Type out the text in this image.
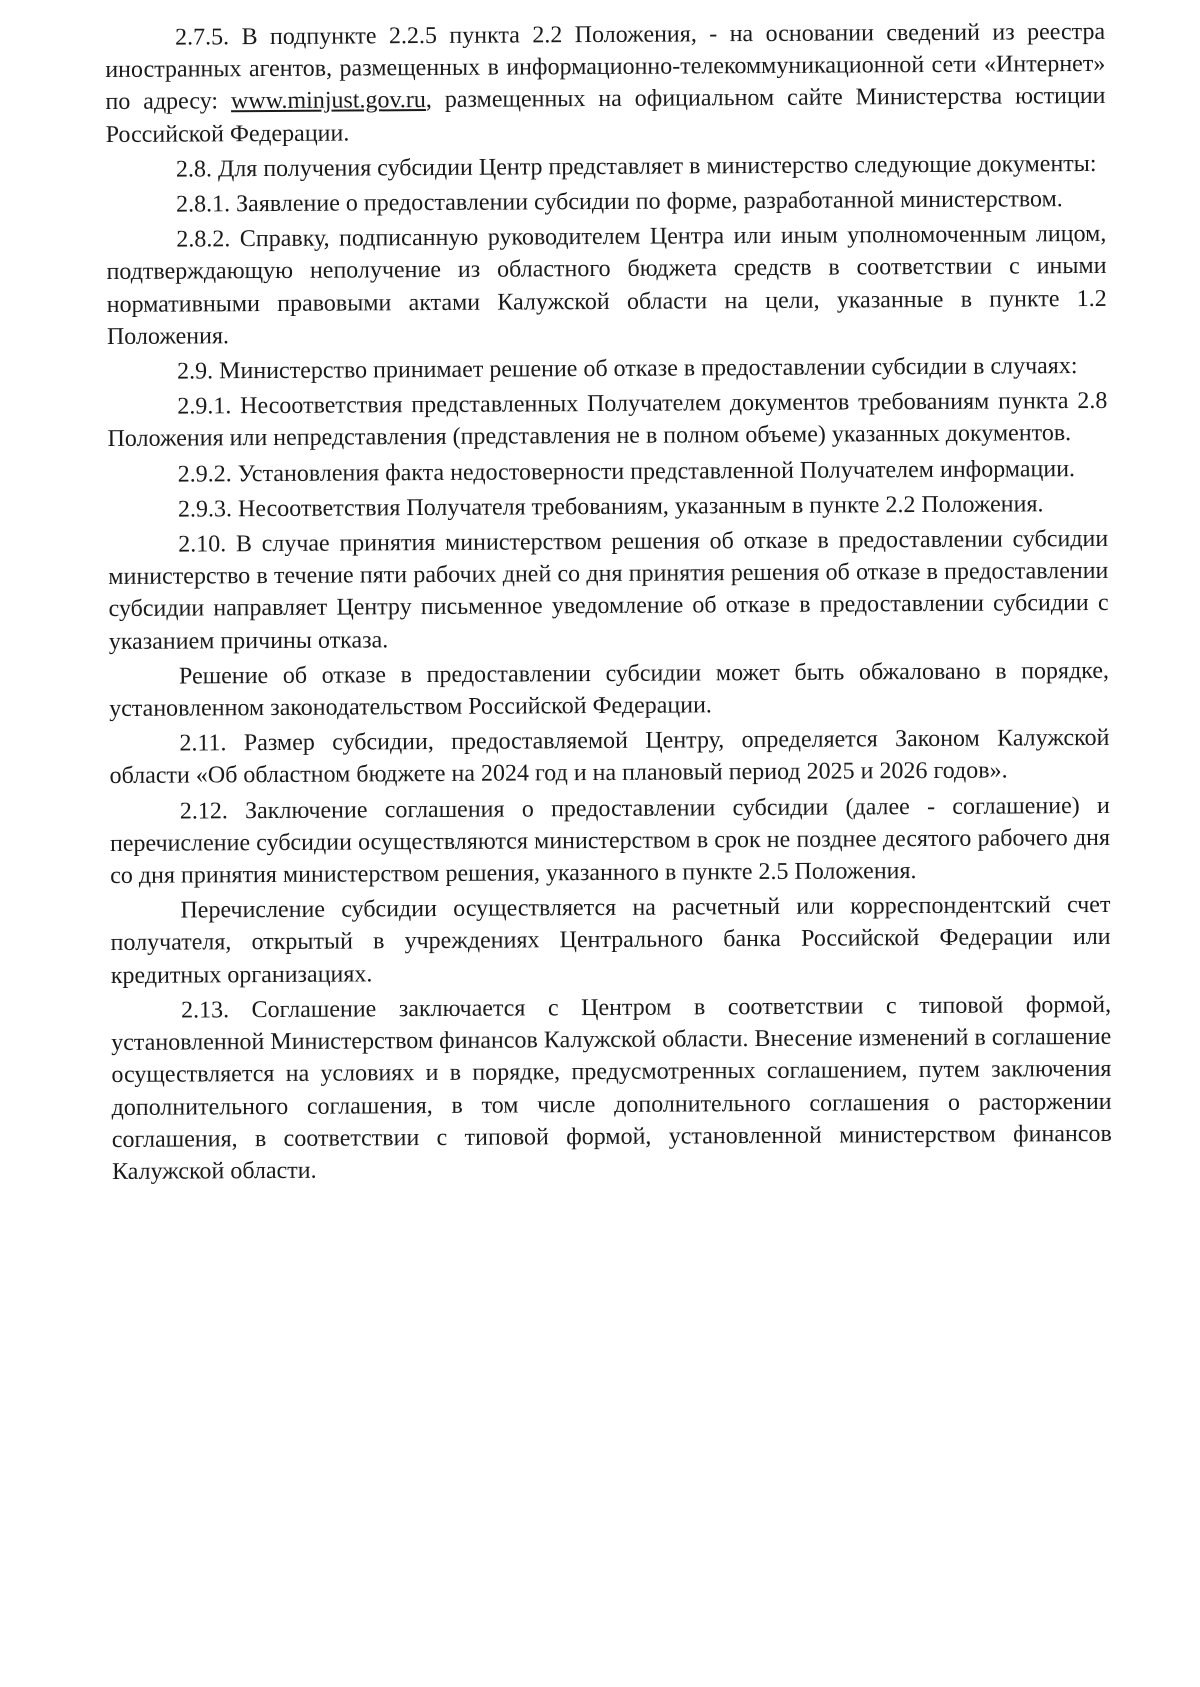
2.7.5. В подпункте 2.2.5 пункта 2.2 Положения, - на основании сведений из реестра иностранных агентов, размещенных в информационно-телекоммуникационной сети «Интернет» по адресу: www.minjust.gov.ru, размещенных на официальном сайте Министерства юстиции Российской Федерации.

2.8. Для получения субсидии Центр представляет в министерство следующие документы:

2.8.1. Заявление о предоставлении субсидии по форме, разработанной министерством.

2.8.2. Справку, подписанную руководителем Центра или иным уполномоченным лицом, подтверждающую неполучение из областного бюджета средств в соответствии с иными нормативными правовыми актами Калужской области на цели, указанные в пункте 1.2 Положения.

2.9. Министерство принимает решение об отказе в предоставлении субсидии в случаях:

2.9.1. Несоответствия представленных Получателем документов требованиям пункта 2.8 Положения или непредставления (представления не в полном объеме) указанных документов.

2.9.2. Установления факта недостоверности представленной Получателем информации.

2.9.3. Несоответствия Получателя требованиям, указанным в пункте 2.2 Положения.

2.10. В случае принятия министерством решения об отказе в предоставлении субсидии министерство в течение пяти рабочих дней со дня принятия решения об отказе в предоставлении субсидии направляет Центру письменное уведомление об отказе в предоставлении субсидии с указанием причины отказа.

Решение об отказе в предоставлении субсидии может быть обжаловано в порядке, установленном законодательством Российской Федерации.

2.11. Размер субсидии, предоставляемой Центру, определяется Законом Калужской области «Об областном бюджете на 2024 год и на плановый период 2025 и 2026 годов».

2.12. Заключение соглашения о предоставлении субсидии (далее - соглашение) и перечисление субсидии осуществляются министерством в срок не позднее десятого рабочего дня со дня принятия министерством решения, указанного в пункте 2.5 Положения.

Перечисление субсидии осуществляется на расчетный или корреспондентский счет получателя, открытый в учреждениях Центрального банка Российской Федерации или кредитных организациях.

2.13. Соглашение заключается с Центром в соответствии с типовой формой, установленной Министерством финансов Калужской области. Внесение изменений в соглашение осуществляется на условиях и в порядке, предусмотренных соглашением, путем заключения дополнительного соглашения, в том числе дополнительного соглашения о расторжении соглашения, в соответствии с типовой формой, установленной министерством финансов Калужской области.
